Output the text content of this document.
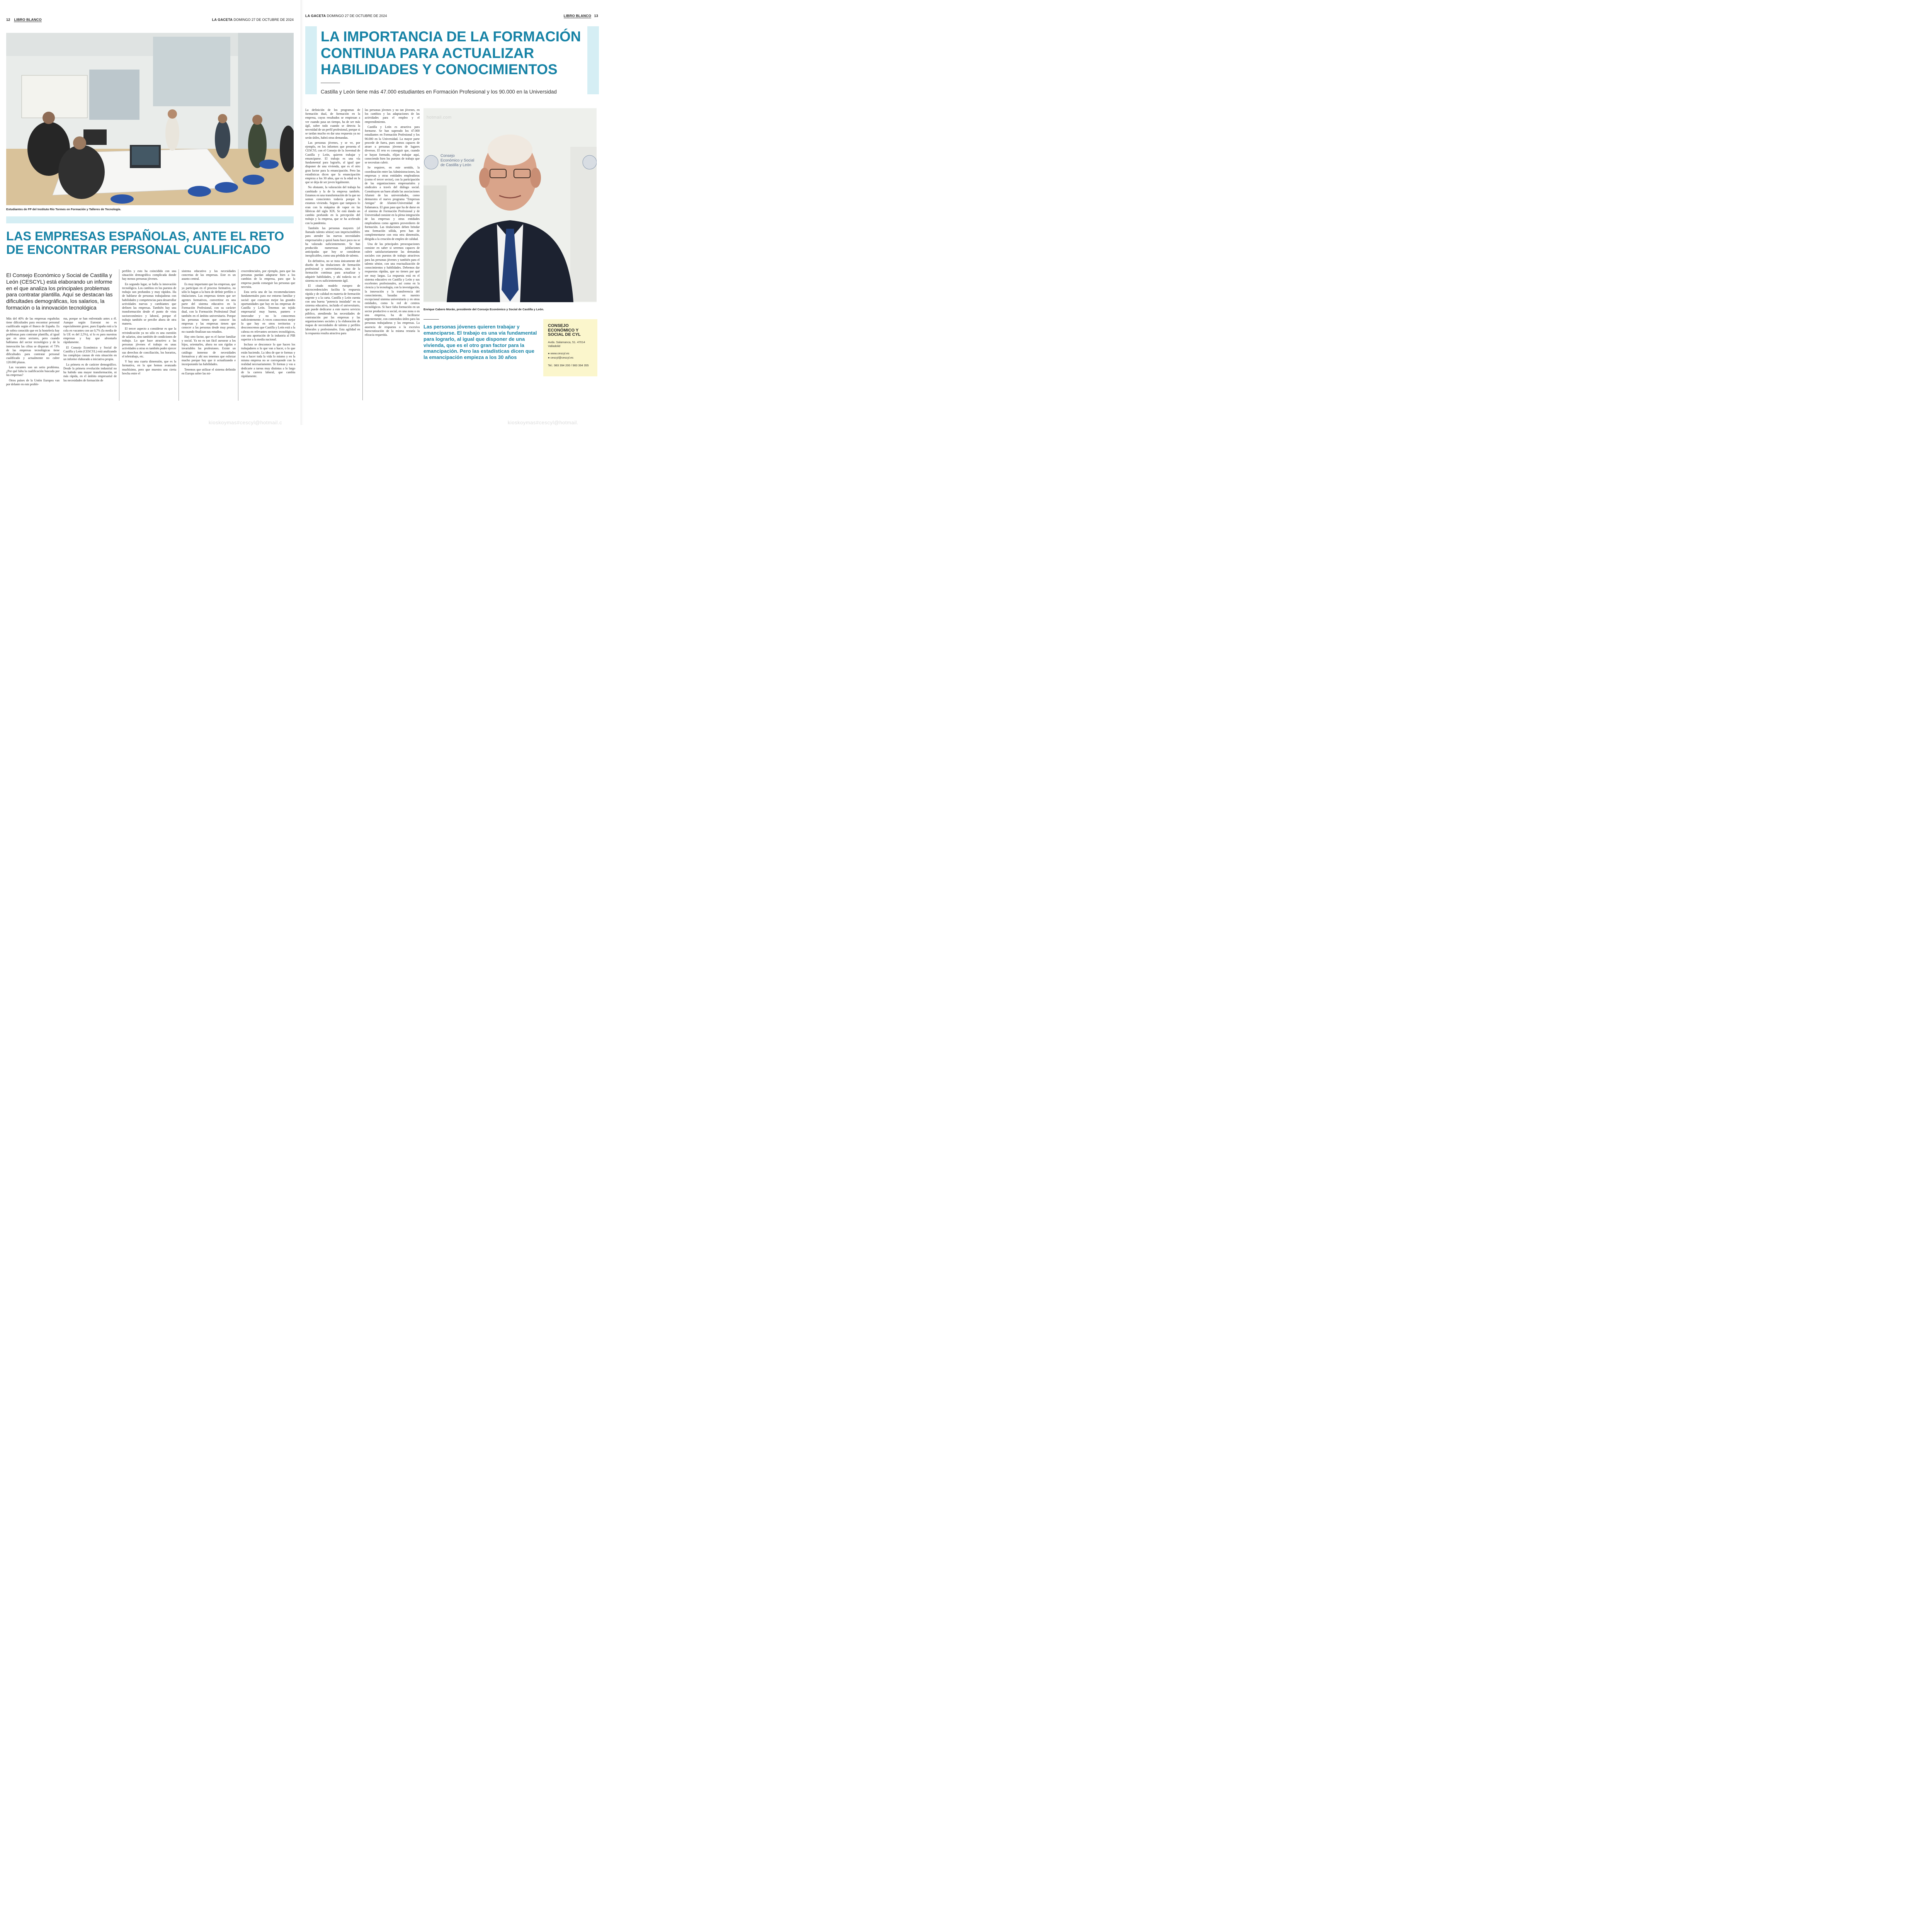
12 LIBRO BLANCO	LA GACETA DOMINGO 27 DE OCTUBRE DE 2024
Estudiantes de FP del Instituto Río Tormes en Formación y Talleres de Tecnología.
LAS EMPRESAS ESPAÑOLAS, ANTE EL RETO
DE ENCONTRAR PERSONAL CUALIFICADO
El Consejo Económico y Social de Castilla y León (CESCYL) está elaborando un informe en el que analiza los principales problemas para contratar plantilla. Aquí se destacan las dificultades demográficas, los salarios, la formación o la innovación tecnológica

Más del 40% de las empresas españolas tiene dificultades para encontrar personal cualificado según el Banco de España. Es de sobra conocido que en la hostelería hay problemas para contratar plantilla, al igual que en otros sectores, pero cuando hablamos del sector tecnológico y de la innovación las cifras se disparan: el 73% de las empresas tecnológicas tiene dificultades para contratar personal cualificado y actualmente no cubre 120.000 plazas.

Las vacantes son un serio problema. ¿Por qué falta la cualificación buscada por las empresas?

Otros países de la Unión Europea van por delante en este proble-

ma, porque se han enfrentado antes a él. Aunque según Eurostat no es especialmente grave, pues España está a la cola en vacantes con un 0,7% (la media de la UE es del 2,5%), sí lo es para nuestras empresas y hay que afrontarlo rápidamente.

El Consejo Económico y Social de Castilla y León (CESCYL) está analizando las complejas causas de esta situación en un informe elaborado a iniciativa propia.

La primera es de carácter demográfico. Desde la primera revolución industrial no ha habido una mayor transformación, ni más rápida, en el ámbito empresarial de las necesidades de formación de

perfiles y esto ha coincidido con una situación demográfica complicada donde hay menos personas jóvenes.

En segundo lugar, se halla la innovación tecnológica. Los cambios en los puestos de trabajo son profundos y muy rápidos. Ha de hablarse de personas trabajadoras con habilidades y competencias para desarrollar actividades nuevas y cambiantes que definen las empresas. También hay una transformación desde el punto de vista socioeconómico y laboral, porque el trabajo también se percibe ahora de otra manera.

El tercer aspecto a considerar es que la reivindicación ya no sólo es una cuestión de salarios, sino también de condiciones de trabajo. Lo que hace atractivo a las personas jóvenes el trabajo en unas actividades u otras es también poder ejercer sus derechos de conciliación, los horarios, el teletrabajo, etc.

Y hay una cuarta dimensión, que es la formativa, en la que hemos avanzado muchísimo, pero que muestra una cierta brecha entre el

sistema educativo y las necesidades concretas de las empresas. Este es un asunto central.

Es muy importante que las empresas, que ya participan en el proceso formativo, no sólo lo hagan a la hora de definir perfiles o titulaciones. Las empresas tienen que ser agentes formativos, convertirse en una parte del sistema educativo en la Formación Profesional, con su carácter dual, con la Formación Profesional Dual también en el ámbito universitario. Porque las personas tienen que conocer las empresas y las empresas tienen que conocer a las personas desde muy pronto, no cuando finalizan sus estudios.

Hay otro factor, que es el factor familiar y social. Ya no es tan fácil asesorar a los hijos, orientarles, ahora no son rígidas e invariables las profesiones. Existe un catálogo inmenso de necesidades formativas y ahí nos tenemos que esforzar mucho porque hay que ir actualizando e incorporando las habilidades.

Tenemos que utilizar el sistema definido en Europa sobre las mi-

crocredenciales, por ejemplo, para que las personas puedan adaptarse bien a los cambios de la empresa, para que la empresa pueda conseguir las personas que necesita.

Esta sería una de las recomendaciones fundamentales para ese entorno familiar y social: que conozcan mejor las grandes oportunidades que hay en las empresas de Castilla y León. Tenemos un tejido empresarial muy bueno, puntero e innovador y no lo conocemos suficientemente. A veces conocemos mejor lo que hay en otros territorios y desconocemos que Castilla y León está a la cabeza en relevantes sectores tecnológicos, con una aportación de la industria al PIB superior a la media nacional.

Incluso se desconoce lo que hacen los trabajadores o lo que van a hacer, o lo que están haciendo. La idea de que te formas y vas a hacer toda la vida lo mismo y en la misma empresa no se corresponde con la realidad necesariamente. Te formas y vas a dedicarte a tareas muy distintas a lo largo de la carrera laboral, que cambia rápidamente.

kioskoymas#cescyl@hotmail.c
LA GACETA DOMINGO 27 DE OCTUBRE DE 2024	LIBRO BLANCO 13
LA IMPORTANCIA DE LA FORMACIÓN
CONTINUA PARA ACTUALIZAR
HABILIDADES Y CONOCIMIENTOS
Castilla y León tiene más 47.000 estudiantes en Formación Profesional y los 90.000 en la Universidad

La definición de los programas de formación dual, de formación en la empresa, cuyos resultados se empiezan a ver cuando pasa un tiempo, ha de ser más ágil, sobre todo cuando se detecta la necesidad de un perfil profesional, porque si se tardan mucho en dar una respuesta ya no serán útiles, habrá otras demandas.

Las personas jóvenes, y se ve, por ejemplo, en los informes que presenta el CESCYL con el Consejo de la Juventud de Castilla y León, quieren trabajar y emanciparse. El trabajo es una vía fundamental para lograrlo, al igual que disponer de una vivienda, que es el otro gran factor para la emancipación. Pero las estadísticas dicen que la emancipación empieza a los 30 años, que es la edad en la que se deja de ser joven legalmente.

No obstante, la valoración del trabajo ha cambiado y la de la empresa también. Estamos en una transformación de la que no somos conscientes todavía porque la estamos viviendo. Seguro que tampoco lo eran con la máquina de vapor en las fábricas del siglo XIX. Se está dando un cambio profundo en la percepción del trabajo y la empresa, que se ha acelerado con la pandemia.

También las personas mayores (el llamado talento sénior) son imprescindibles para atender las nuevas necesidades empresariales y quizá hasta hace poco no se ha valorado suficientemente. Se han producido numerosas jubilaciones anticipadas que hoy se consideran inexplicables, como una pérdida de talento.

En definitiva, no se trata únicamente del diseño de las titulaciones de formación profesional y universitarias, sino de la formación continua para actualizar y adquirir habilidades, y ahí todavía no el sistema no es suficientemente ágil.

El citado modelo europeo de microcredenciales facilita la respuesta rápida y de calidad en materia de formación urgente y a la carta. Castilla y León cuenta con una buena "potencia instalada" en su sistema educativo, incluido el universitario, que puede dedicarse a este nuevo servicio público, atendiendo las necesidades de contratación por las empresas y las organizaciones sociales y la elaboración de mapas de necesidades de talento y perfiles laborales y profesionales. Esta agilidad en la respuesta resulta atractiva para

las personas jóvenes y no tan jóvenes, en los cambios y las adaptaciones de las actividades para el empleo y el emprendimiento.

Castilla y León es atractiva para formarse. Se han superado los 47.000 estudiantes en Formación Profesional y los 90.000 en la Universidad. La mayor parte procede de fuera, pues somos capaces de atraer a personas jóvenes de lugares diversos. El reto es conseguir que, cuando se hayan formado, elijan trabajar aquí, conociendo bien los puestos de trabajo que se necesitan cubrir.

Se requiere, en este sentido, la coordinación entre las Administraciones, las empresas y otras entidades empleadoras (como el tercer sector), con la participación de las organizaciones empresariales y sindicales a través del diálogo social. Constituyen un buen aliado las asociaciones Alumni de las universidades, como demuestra el nuevo programa "Empresas Amigas" de Alumni-Universidad de Salamanca. El gran paso que ha de darse en el sistema de Formación Profesional y de Universidad consiste en la plena integración de las empresas y otras entidades empleadoras como agentes proveedores de formación. Las titulaciones deben brindar una formación sólida, pero han de complementarse con esta otra dimensión, dirigida a la creación de empleo de calidad.

Una de las principales preocupaciones consiste en saber si seremos capaces de cubrir satisfactoriamente las demandas sociales con puestos de trabajo atractivos para las personas jóvenes y también para el talento sénior, con una reactualización de conocimientos y habilidades. Debemos dar respuestas rápidas, que no tienen por qué ser muy largas. La respuesta está en el sistema educativo en Castilla y León y sus excelentes profesionales, así como en la ciencia y la tecnología, con la investigación, la innovación y la transferencia del conocimiento, basadas en nuestro excepcional sistema universitario y en otras entidades, como la red de centros tecnológicos. Si hace falta formación en un sector productivo o social, en una zona o en una empresa, ha de facilitarse urgentemente, con contenidos útiles para las personas trabajadoras y las empresas. La ausencia de respuesta o la excesiva burocratización de la misma restaría la eficacia requerida.

Consejo
Económico y Social
de Castilla y León
Enrique Cabero Morán, presidente del Consejo Económico y Social de Castilla y León.
Las personas jóvenes quieren trabajar y emanciparse. El trabajo es una vía fundamental para lograrlo, al igual que disponer de una vivienda, que es el otro gran factor para la emancipación. Pero las estadísticas dicen que la emancipación empieza a los 30 años
CONSEJO
ECONÓMICO Y
SOCIAL DE CYL
Avda. Salamanca, 51. 47014
Valladolid
● www.cescyl.es
● cescyl@cescyl.es
Tel.: 983 394 200 / 983 394 355
kioskoymas#cescyl@hotmail.
hotmail.com
